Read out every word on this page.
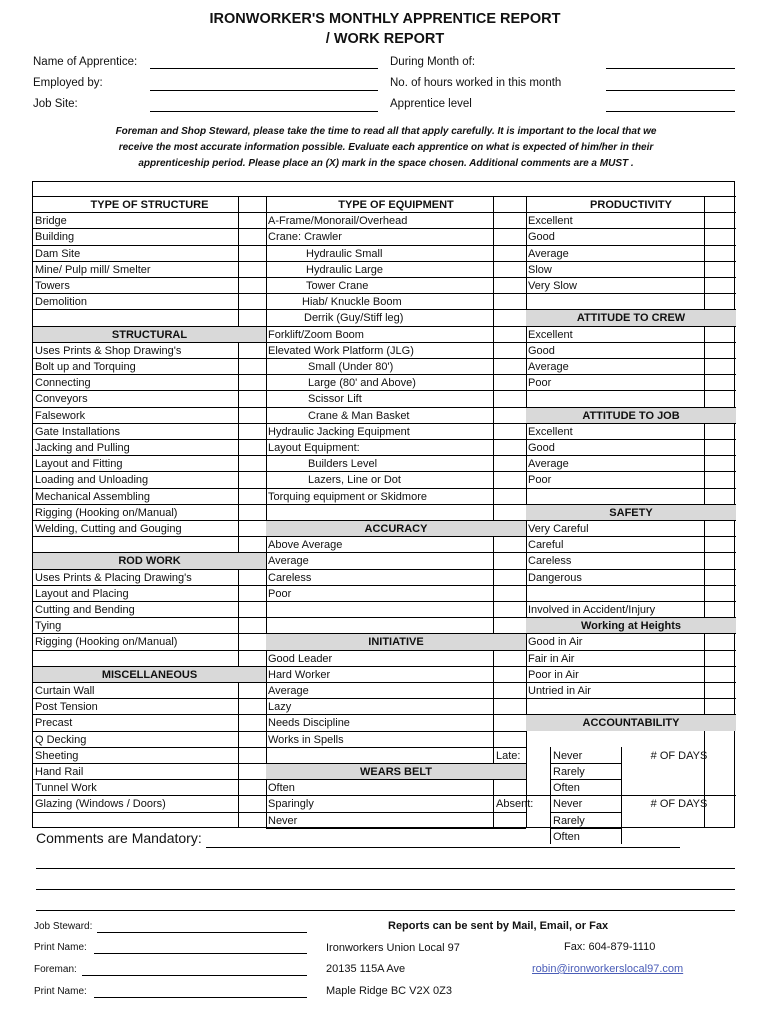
IRONWORKER'S MONTHLY APPRENTICE REPORT
/ WORK REPORT
Name of Apprentice:
Employed by:
Job Site:
During Month of:
No. of hours worked in this month
Apprentice level
Foreman and Shop Steward, please take the time to read all that apply carefully. It is important to the local that we
receive the most accurate information possible. Evaluate each apprentice on what is expected of him/her in their
apprenticeship period. Please place an (X) mark in the space chosen. Additional comments are a MUST .
TYPE OF STRUCTURE
Bridge
Building
Dam Site
Mine/ Pulp mill/ Smelter
Towers
Demolition
STRUCTURAL
Uses Prints & Shop Drawing's
Bolt up and Torquing
Connecting
Conveyors
Falsework
Gate Installations
Jacking and Pulling
Layout and Fitting
Loading and Unloading
Mechanical Assembling
Rigging (Hooking on/Manual)
Welding, Cutting and Gouging
ROD WORK
Uses Prints & Placing Drawing's
Layout and Placing
Cutting and Bending
Tying
Rigging (Hooking on/Manual)
MISCELLANEOUS
Curtain Wall
Post Tension
Precast
Q Decking
Sheeting
Hand Rail
Tunnel Work
Glazing (Windows / Doors)
TYPE OF EQUIPMENT
A-Frame/Monorail/Overhead
Crane: Crawler
Hydraulic Small
Hydraulic Large
Tower Crane
Hiab/ Knuckle Boom
Derrik (Guy/Stiff leg)
Forklift/Zoom Boom
Elevated Work Platform (JLG)
Small (Under 80')
Large (80' and Above)
Scissor Lift
Crane & Man Basket
Hydraulic Jacking Equipment
Layout Equipment:
Builders Level
Lazers, Line or Dot
Torquing equipment or Skidmore
ACCURACY
Above Average
Average
Careless
Poor
INITIATIVE
Good Leader
Hard Worker
Average
Lazy
Needs Discipline
Works in Spells
WEARS BELT
Often
Sparingly
Never
PRODUCTIVITY
Excellent
Good
Average
Slow
Very Slow
ATTITUDE TO CREW
Excellent
Good
Average
Poor
ATTITUDE TO JOB
Excellent
Good
Average
Poor
SAFETY
Very Careful
Careful
Careless
Dangerous
Involved in Accident/Injury
Working at Heights
Good in Air
Fair in Air
Poor in Air
Untried in Air
ACCOUNTABILITY
Late:
Absent:
Never
Never
Rarely
Rarely
Often
Often
# OF DAYS
# OF DAYS
Comments are Mandatory:
Job Steward:
Print Name:
Foreman:
Print Name:
Reports can be sent by Mail, Email, or Fax
Ironworkers Union Local 97
20135 115A Ave
Maple Ridge BC V2X 0Z3
Fax: 604-879-1110
robin@ironworkerslocal97.com
